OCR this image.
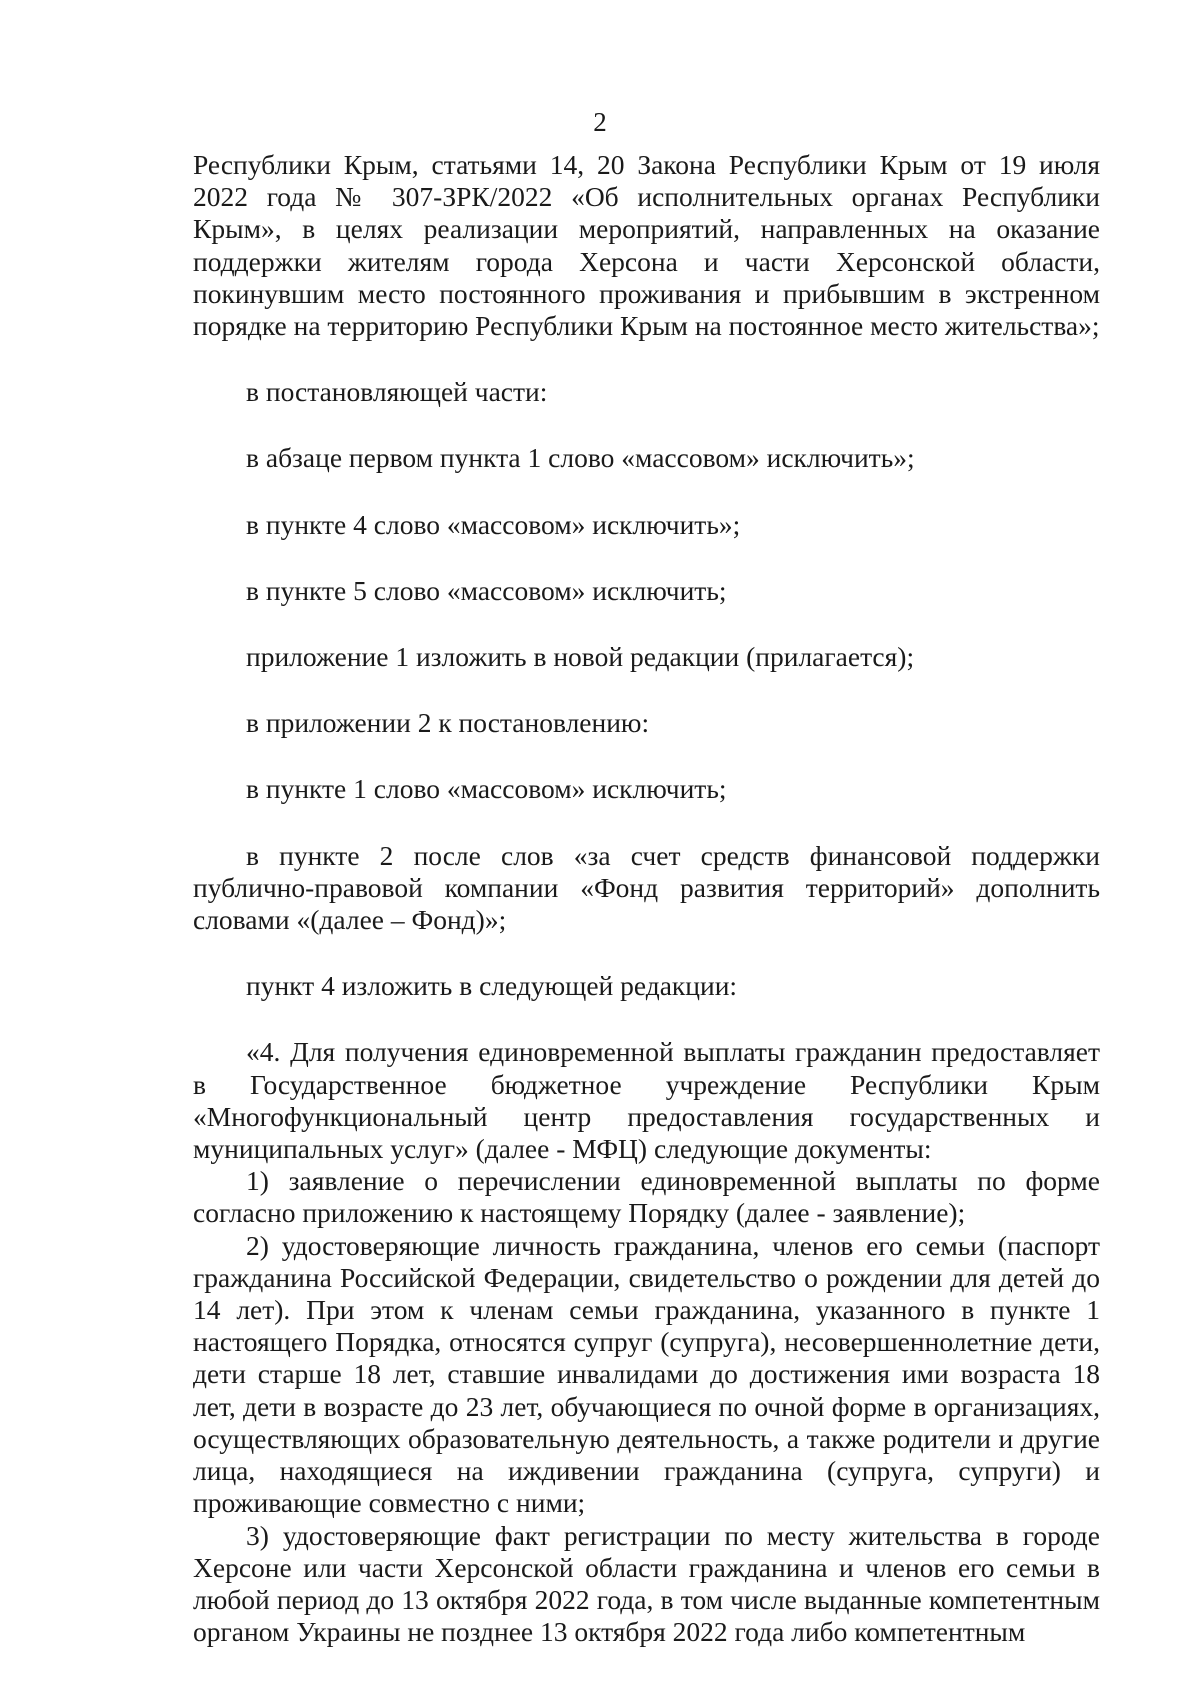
2

Республики Крым, статьями 14, 20 Закона Республики Крым от 19 июля 2022 года № 307-ЗРК/2022 «Об исполнительных органах Республики Крым», в целях реализации мероприятий, направленных на оказание поддержки жителям города Херсона и части Херсонской области, покинувшим место постоянного проживания и прибывшим в экстренном порядке на территорию Республики Крым на постоянное место жительства»;

в постановляющей части:

в абзаце первом пункта 1 слово «массовом» исключить»;

в пункте 4 слово «массовом» исключить»;

в пункте 5 слово «массовом» исключить;

приложение 1 изложить в новой редакции (прилагается);

в приложении 2 к постановлению:

в пункте 1 слово «массовом» исключить;

в пункте 2 после слов «за счет средств финансовой поддержки публично-правовой компании «Фонд развития территорий» дополнить словами «(далее – Фонд)»;

пункт 4 изложить в следующей редакции:

«4. Для получения единовременной выплаты гражданин предоставляет в Государственное бюджетное учреждение Республики Крым «Многофункциональный центр предоставления государственных и муниципальных услуг» (далее - МФЦ) следующие документы:

1) заявление о перечислении единовременной выплаты по форме согласно приложению к настоящему Порядку (далее - заявление);

2) удостоверяющие личность гражданина, членов его семьи (паспорт гражданина Российской Федерации, свидетельство о рождении для детей до 14 лет). При этом к членам семьи гражданина, указанного в пункте 1 настоящего Порядка, относятся супруг (супруга), несовершеннолетние дети, дети старше 18 лет, ставшие инвалидами до достижения ими возраста 18 лет, дети в возрасте до 23 лет, обучающиеся по очной форме в организациях, осуществляющих образовательную деятельность, а также родители и другие лица, находящиеся на иждивении гражданина (супруга, супруги) и проживающие совместно с ними;

3) удостоверяющие факт регистрации по месту жительства в городе Херсоне или части Херсонской области гражданина и членов его семьи в любой период до 13 октября 2022 года, в том числе выданные компетентным органом Украины не позднее 13 октября 2022 года либо компетентным
